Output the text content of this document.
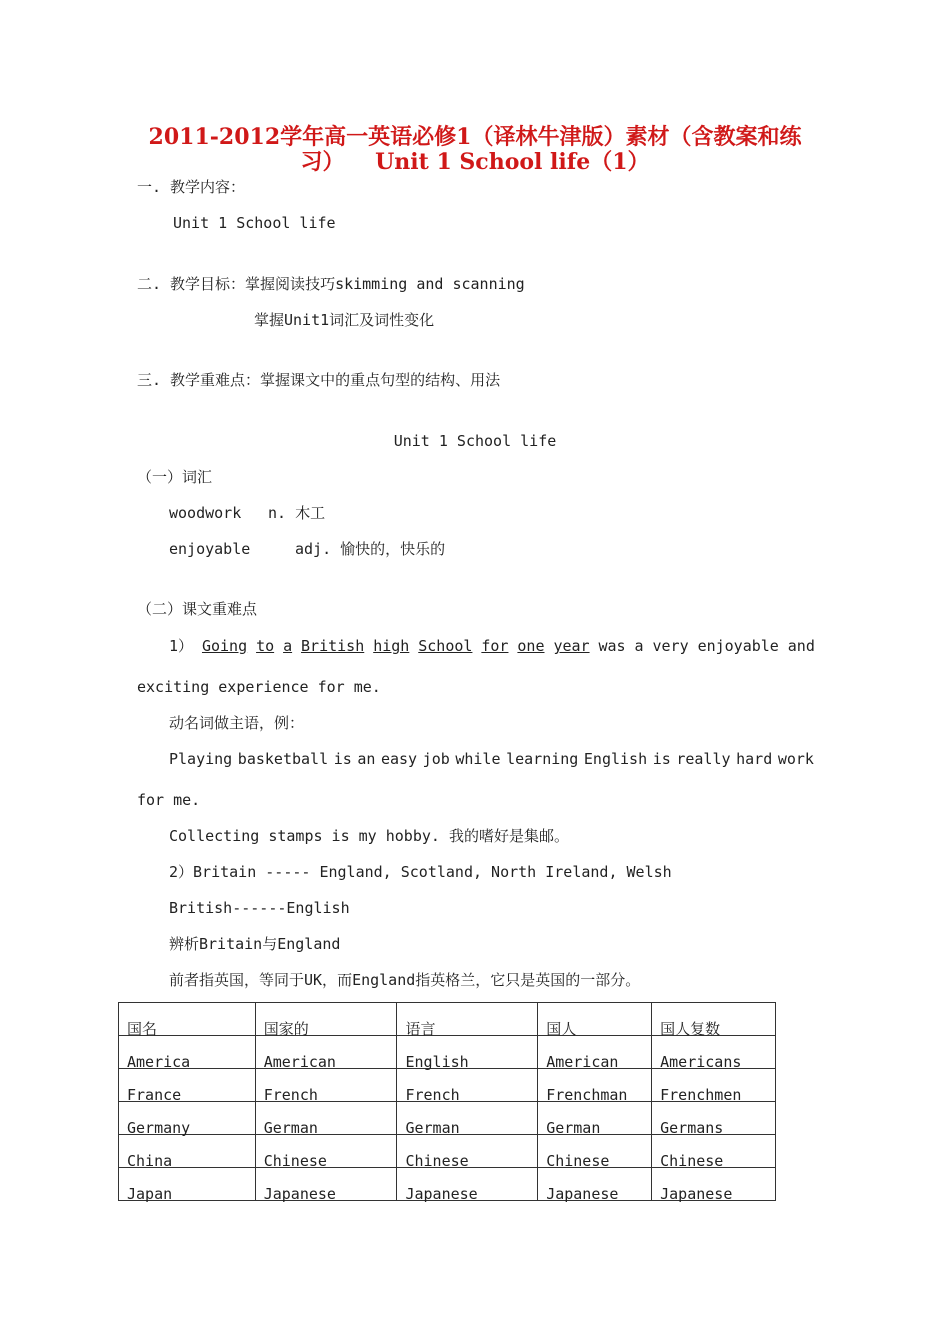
2011-2012学年高一英语必修1（译林牛津版）素材（含教案和练
习）    Unit 1 School life（1）
一. 教学内容：
Unit 1 School life
二. 教学目标：掌握阅读技巧skimming and scanning
掌握Unit1词汇及词性变化
三. 教学重难点：掌握课文中的重点句型的结构、用法
Unit 1 School life
（一）词汇
woodwork n. 木工
enjoyable	adj. 愉快的，快乐的
（二）课文重难点
1） Going to a British high School for one year was a very enjoyable and
exciting experience for me.
动名词做主语，例：
Playing basketball is an easy job while learning English is really hard work
for me.
Collecting stamps is my hobby. 我的嗜好是集邮。
2）Britain ----- England, Scotland, North Ireland, Welsh
British------English
辨析Britain与England
前者指英国，等同于UK，而England指英格兰，它只是英国的一部分。
国名	国家的	语言	国人	国人复数
America	American	English	American	Americans
France	French	French	Frenchman	Frenchmen
Germany	German	German	German	Germans
China	Chinese	Chinese	Chinese	Chinese
Japan	Japanese	Japanese	Japanese	Japanese
